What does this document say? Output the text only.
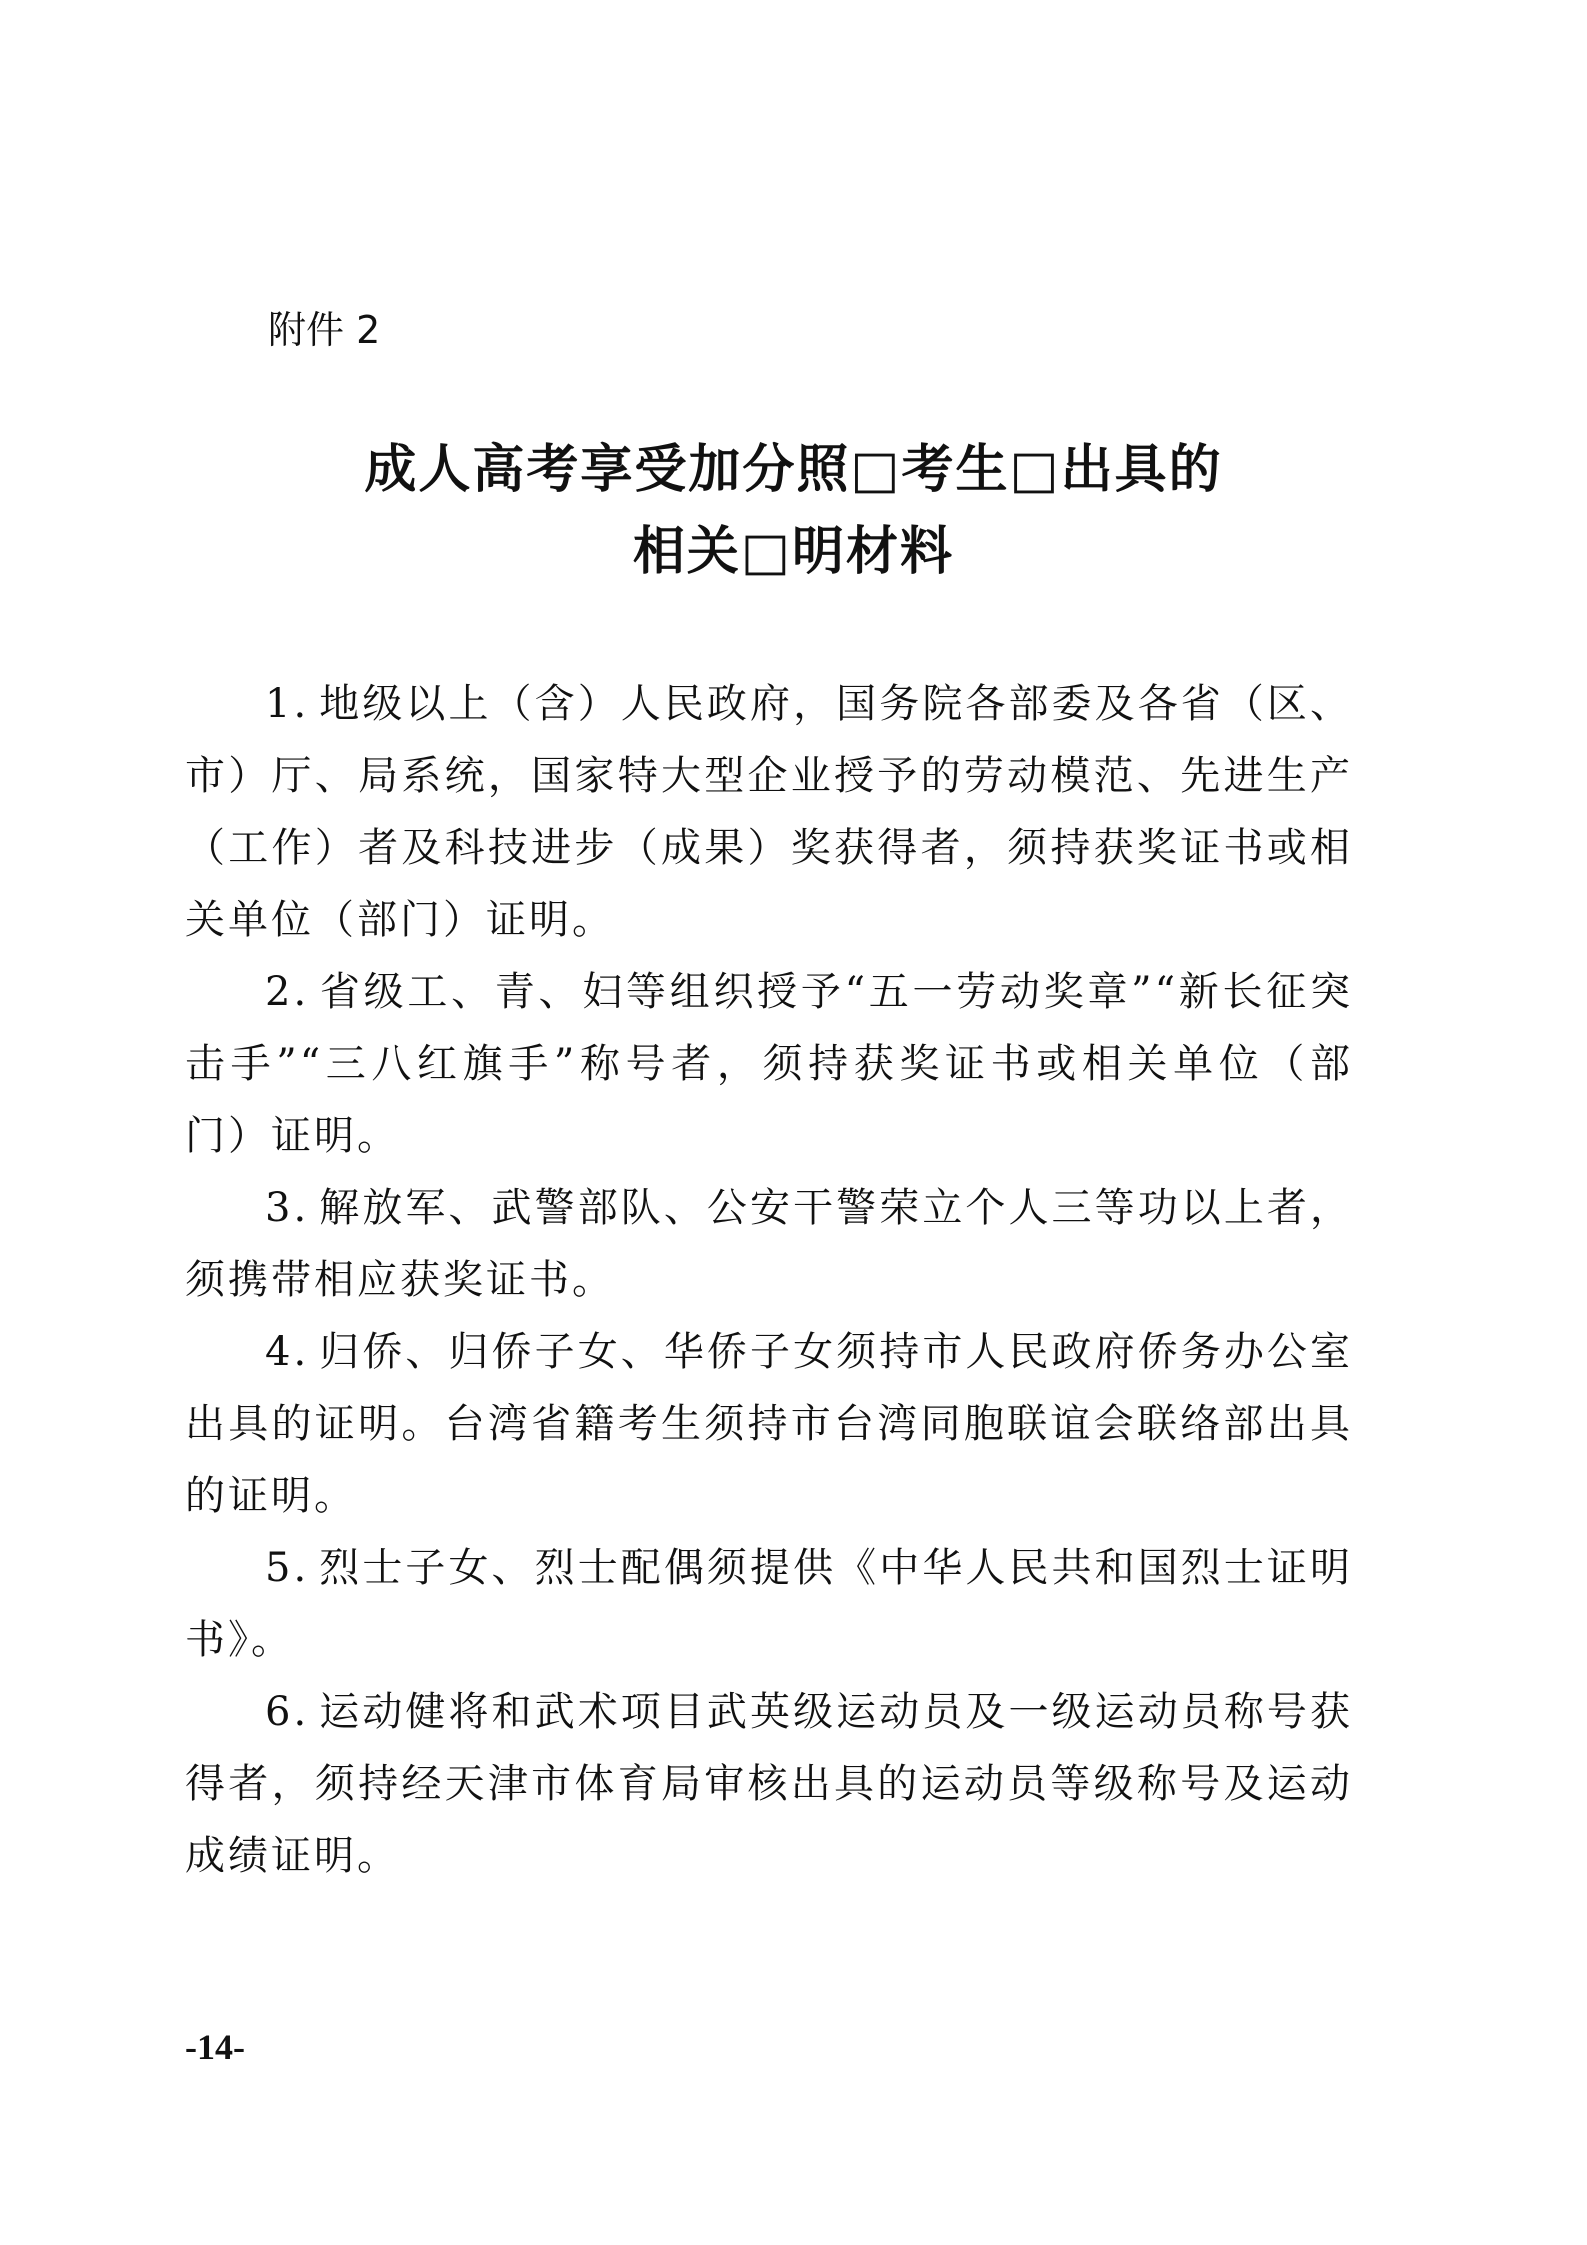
附件 2
成人高考享受加分照□考生□出具的
相关□明材料

1. 地级以上（含）人民政府，国务院各部委及各省（区、市）厅、局系统，国家特大型企业授予的劳动模范、先进生产（工作）者及科技进步（成果）奖获得者，须持获奖证书或相关单位（部门）证明。

2. 省级工、青、妇等组织授予“五一劳动奖章”“新长征突击手”“三八红旗手”称号者，须持获奖证书或相关单位（部门）证明。

3. 解放军、武警部队、公安干警荣立个人三等功以上者，须携带相应获奖证书。

4. 归侨、归侨子女、华侨子女须持市人民政府侨务办公室出具的证明。台湾省籍考生须持市台湾同胞联谊会联络部出具的证明。

5. 烈士子女、烈士配偶须提供《中华人民共和国烈士证明书》。

6. 运动健将和武术项目武英级运动员及一级运动员称号获得者，须持经天津市体育局审核出具的运动员等级称号及运动成绩证明。

-14-
